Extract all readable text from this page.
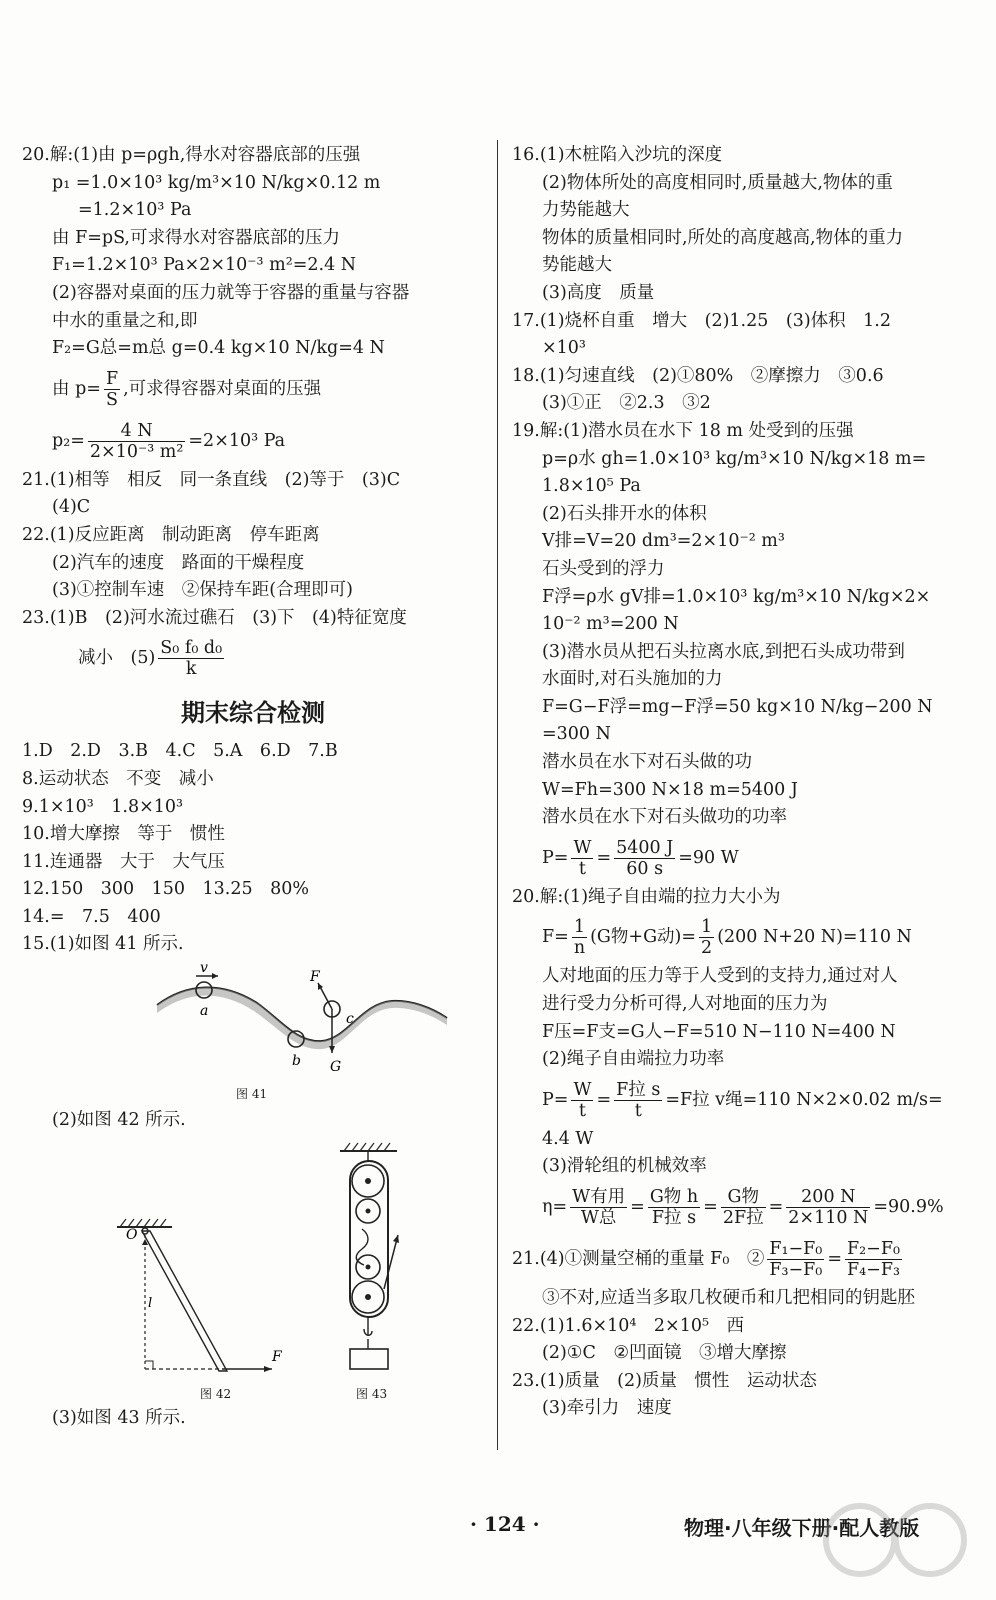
20.解:(1)由 p=ρgh,得水对容器底部的压强
p₁ =1.0×10³ kg/m³×10 N/kg×0.12 m
=1.2×10³ Pa
由 F=pS,可求得水对容器底部的压力
F₁=1.2×10³ Pa×2×10⁻³ m²=2.4 N
(2)容器对桌面的压力就等于容器的重量与容器
中水的重量之和,即
F₂=G总=m总 g=0.4 kg×10 N/kg=4 N
由 $p= \frac{F}{S}$ ,可求得容器对桌面的压强
$p_2= \frac{4 N}{\text{2×10⁻³ m²}} =2\times 10^3$ Pa
21.(1)相等　相反　同一条直线　(2)等于　(3)C
(4)C
22.(1)反应距离　制动距离　停车距离
(2)汽车的速度　路面的干燥程度
(3)①控制车速　②保持车距(合理即可)
23.(1)B　(2)河水流过礁石　(3)下　(4)特征宽度
减小　$(5) \frac{\text{S₀ f₀ d₀}}{k}$
期末综合检测
1.D　2.D　3.B　4.C　5.A　6.D　7.B
8.运动状态　不变　减小
9.1×10³　1.8×10³
10.增大摩擦　等于　惯性
11.连通器　大于　大气压
12.150　300　150　13.25　80%
14.=　7.5　400
15.(1)如图 41 所示.
v
a
b
F
G
c
图 41
(2)如图 42 所示.
O
l
F
图 42	图 43
(3)如图 43 所示.
16.(1)木桩陷入沙坑的深度
(2)物体所处的高度相同时,质量越大,物体的重
力势能越大
物体的质量相同时,所处的高度越高,物体的重力
势能越大
(3)高度　质量
17.(1)烧杯自重　增大　(2)1.25　(3)体积　1.2
×10³
18.(1)匀速直线　(2)①80%　②摩擦力　③0.6
(3)①正　②2.3　③2
19.解:(1)潜水员在水下 18 m 处受到的压强
p=ρ水 gh=1.0×10³ kg/m³×10 N/kg×18 m=
1.8×10⁵ Pa
(2)石头排开水的体积
V排=V=20 dm³=2×10⁻² m³
石头受到的浮力
F浮=ρ水 gV排=1.0×10³ kg/m³×10 N/kg×2×
10⁻² m³=200 N
(3)潜水员从把石头拉离水底,到把石头成功带到
水面时,对石头施加的力
F=G−F浮=mg−F浮=50 kg×10 N/kg−200 N
=300 N
潜水员在水下对石头做的功
W=Fh=300 N×18 m=5400 J
潜水员在水下对石头做功的功率
$P= \frac{W}{t} = \frac{5400 J}{60 s} =90$ W
20.解:(1)绳子自由端的拉力大小为
$F= \frac{1}{n} (G$物+G动)= $\frac{1}{2} (200$ N+20 N)=110 N
人对地面的压力等于人受到的支持力,通过对人
进行受力分析可得,人对地面的压力为
F压=F支=G人−F=510 N−110 N=400 N
(2)绳子自由端拉力功率
$P= \frac{W}{t} = \frac{\text{F拉 s}}{t} =F$拉 v绳=110 N×2×0.02 m/s=
4.4 W
(3)滑轮组的机械效率
$\eta= \frac{\text{W有用}}{\text{W总}} = \frac{\text{G物 h}}{\text{F拉 s}} = \frac{\text{G物}}{\text{2F拉}} = \frac{200 N}{2\times 110 N} =90.9\%$
21.(4)①测量空桶的重量 F₀　② $\frac{\text{F₁−F₀}}{\text{F₃−F₀}} = \frac{\text{F₂−F₀}}{\text{F₄−F₃}}$
③不对,应适当多取几枚硬币和几把相同的钥匙胚
22.(1)1.6×10⁴　2×10⁵　西
(2)①C　②凹面镜　③增大摩擦
23.(1)质量　(2)质量　惯性　运动状态
(3)牵引力　速度
· 124 ·	物理·八年级下册·配人教版
